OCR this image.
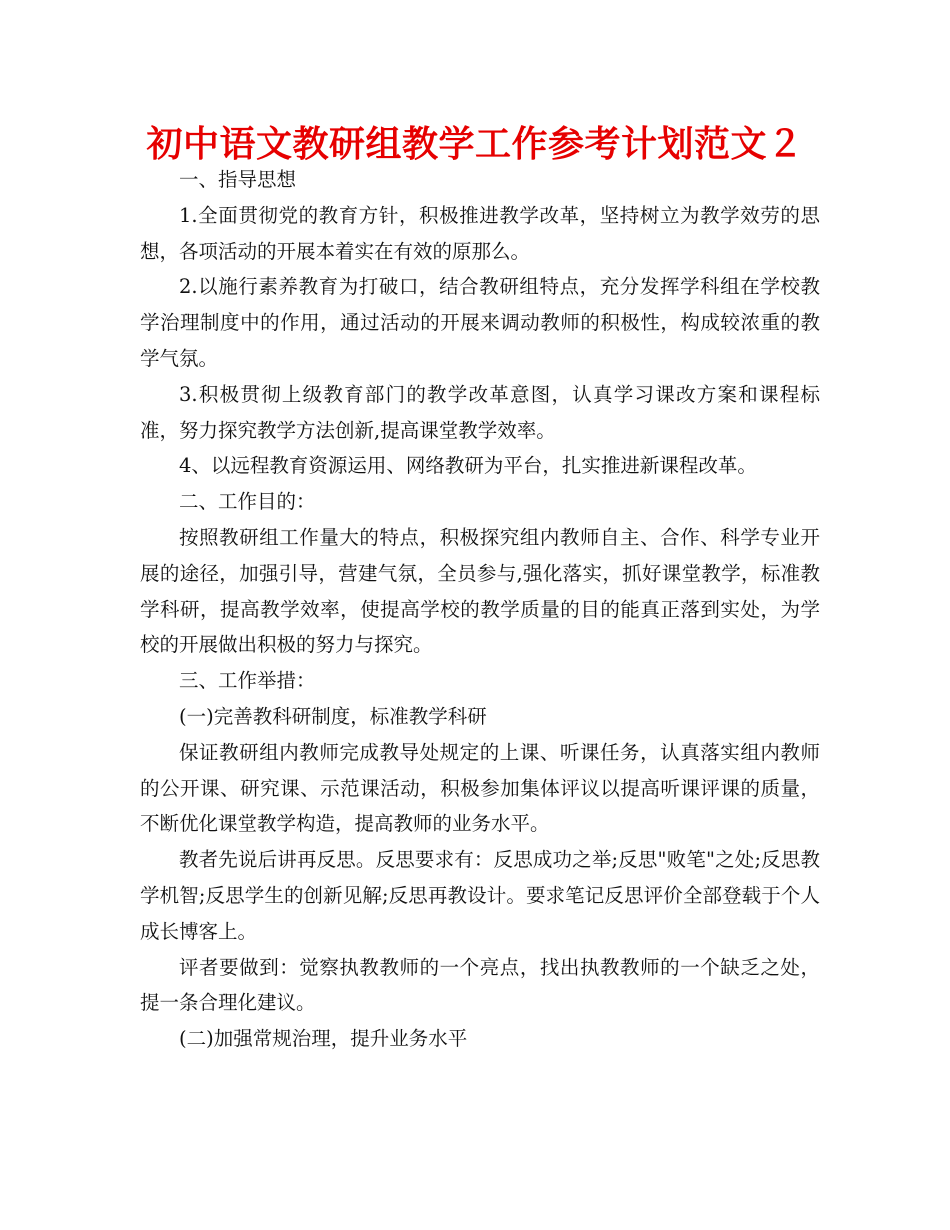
初中语文教研组教学工作参考计划范文２

一、指导思想

1.全面贯彻党的教育方针，积极推进教学改革，坚持树立为教学效劳的思想，各项活动的开展本着实在有效的原那么。

2.以施行素养教育为打破口，结合教研组特点，充分发挥学科组在学校教学治理制度中的作用，通过活动的开展来调动教师的积极性，构成较浓重的教学气氛。

3.积极贯彻上级教育部门的教学改革意图，认真学习课改方案和课程标准，努力探究教学方法创新,提高课堂教学效率。

4、以远程教育资源运用、网络教研为平台，扎实推进新课程改革。

二、工作目的：

按照教研组工作量大的特点，积极探究组内教师自主、合作、科学专业开展的途径，加强引导，营建气氛，全员参与,强化落实，抓好课堂教学，标准教学科研，提高教学效率，使提高学校的教学质量的目的能真正落到实处，为学校的开展做出积极的努力与探究。

三、工作举措：

(一)完善教科研制度，标准教学科研

保证教研组内教师完成教导处规定的上课、听课任务，认真落实组内教师的公开课、研究课、示范课活动，积极参加集体评议以提高听课评课的质量，不断优化课堂教学构造，提高教师的业务水平。

教者先说后讲再反思。反思要求有：反思成功之举;反思"败笔"之处;反思教学机智;反思学生的创新见解;反思再教设计。要求笔记反思评价全部登载于个人成长博客上。

评者要做到：觉察执教教师的一个亮点，找出执教教师的一个缺乏之处，提一条合理化建议。

(二)加强常规治理，提升业务水平
